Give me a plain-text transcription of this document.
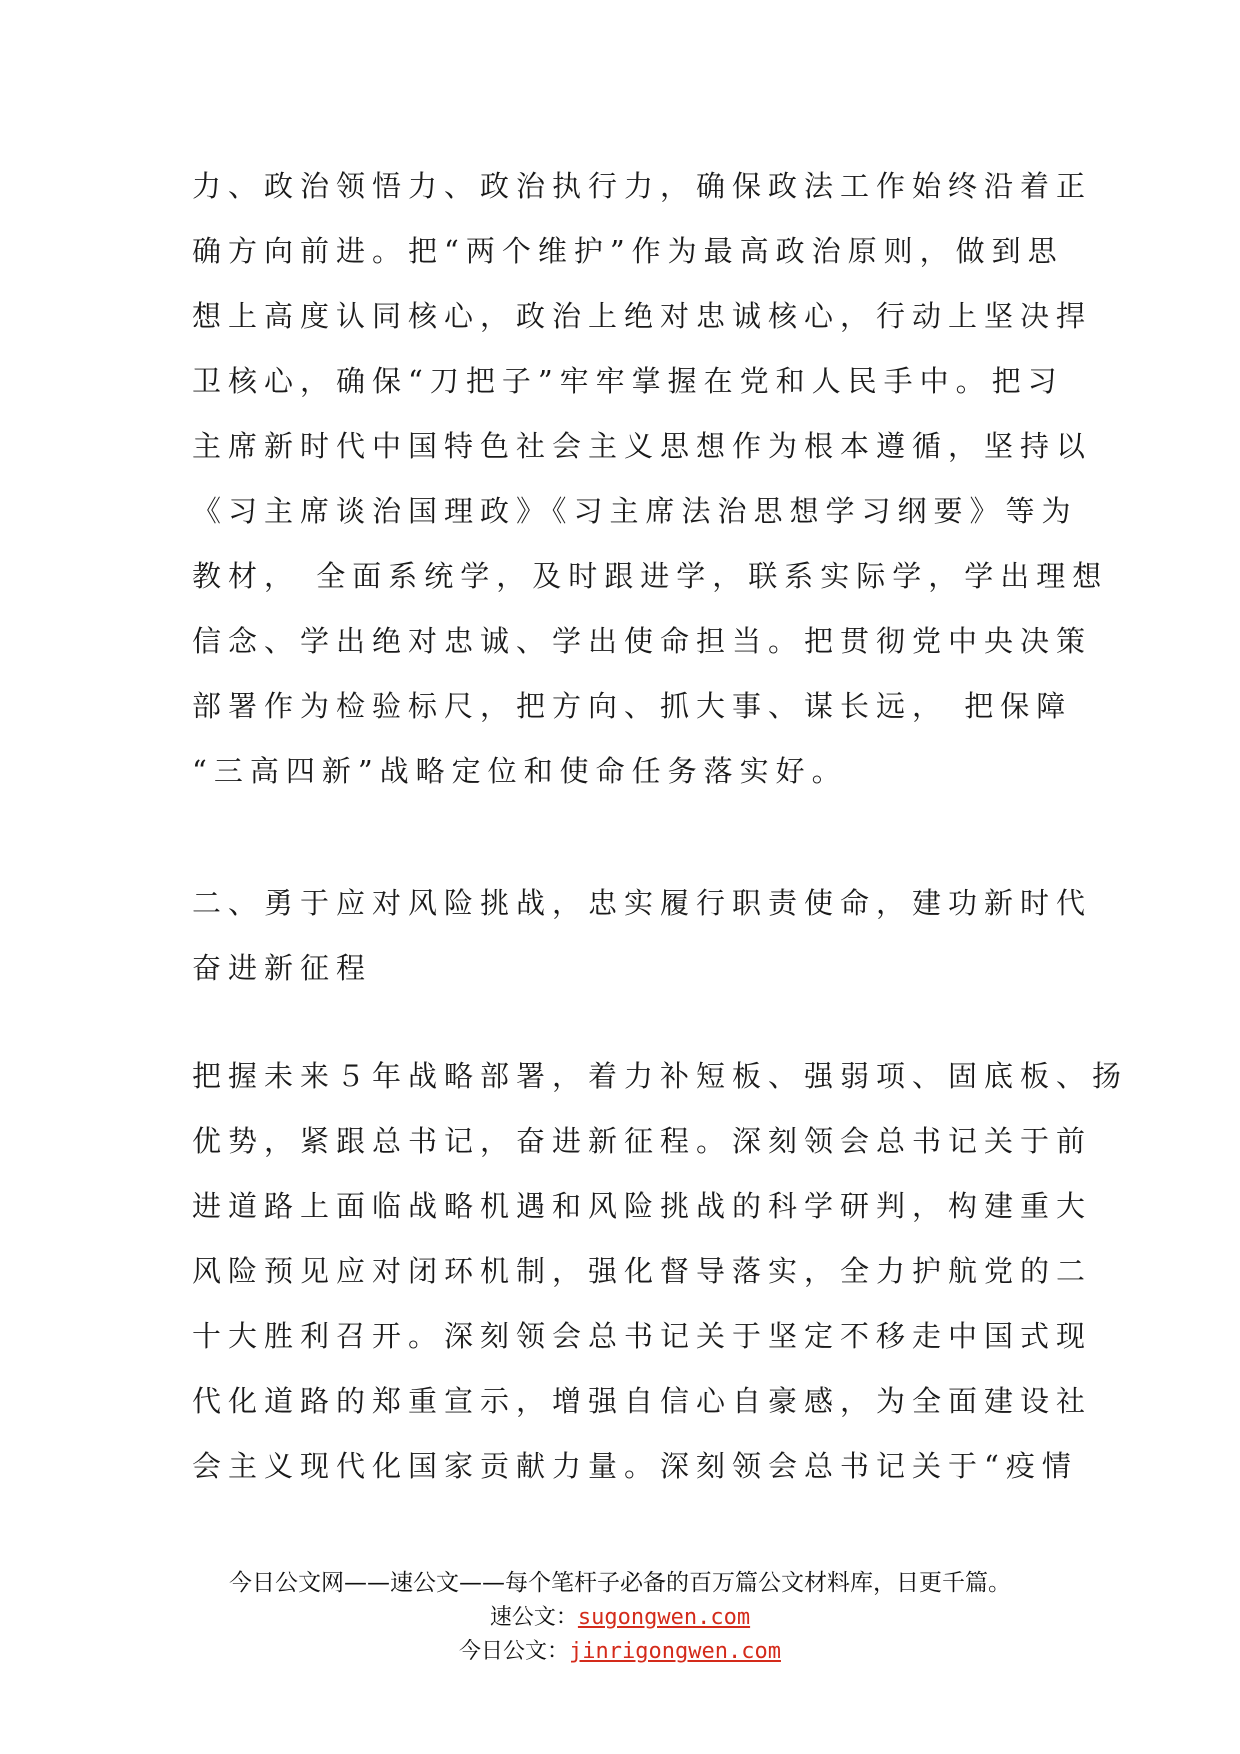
力、政治领悟力、政治执行力，确保政法工作始终沿着正
确方向前进。把“两个维护”作为最高政治原则，做到思
想上高度认同核心，政治上绝对忠诚核心，行动上坚决捍
卫核心，确保“刀把子”牢牢掌握在党和人民手中。把习
主席新时代中国特色社会主义思想作为根本遵循，坚持以
《习主席谈治国理政》《习主席法治思想学习纲要》等为
教材， 全面系统学，及时跟进学，联系实际学，学出理想
信念、学出绝对忠诚、学出使命担当。把贯彻党中央决策
部署作为检验标尺，把方向、抓大事、谋长远， 把保障
“三高四新”战略定位和使命任务落实好。
二、勇于应对风险挑战，忠实履行职责使命，建功新时代
奋进新征程
把握未来５年战略部署，着力补短板、强弱项、固底板、扬
优势，紧跟总书记，奋进新征程。深刻领会总书记关于前
进道路上面临战略机遇和风险挑战的科学研判，构建重大
风险预见应对闭环机制，强化督导落实，全力护航党的二
十大胜利召开。深刻领会总书记关于坚定不移走中国式现
代化道路的郑重宣示，增强自信心自豪感，为全面建设社
会主义现代化国家贡献力量。深刻领会总书记关于“疫情
今日公文网——速公文——每个笔杆子必备的百万篇公文材料库，日更千篇。
速公文：sugongwen.com
今日公文：jinrigongwen.com
